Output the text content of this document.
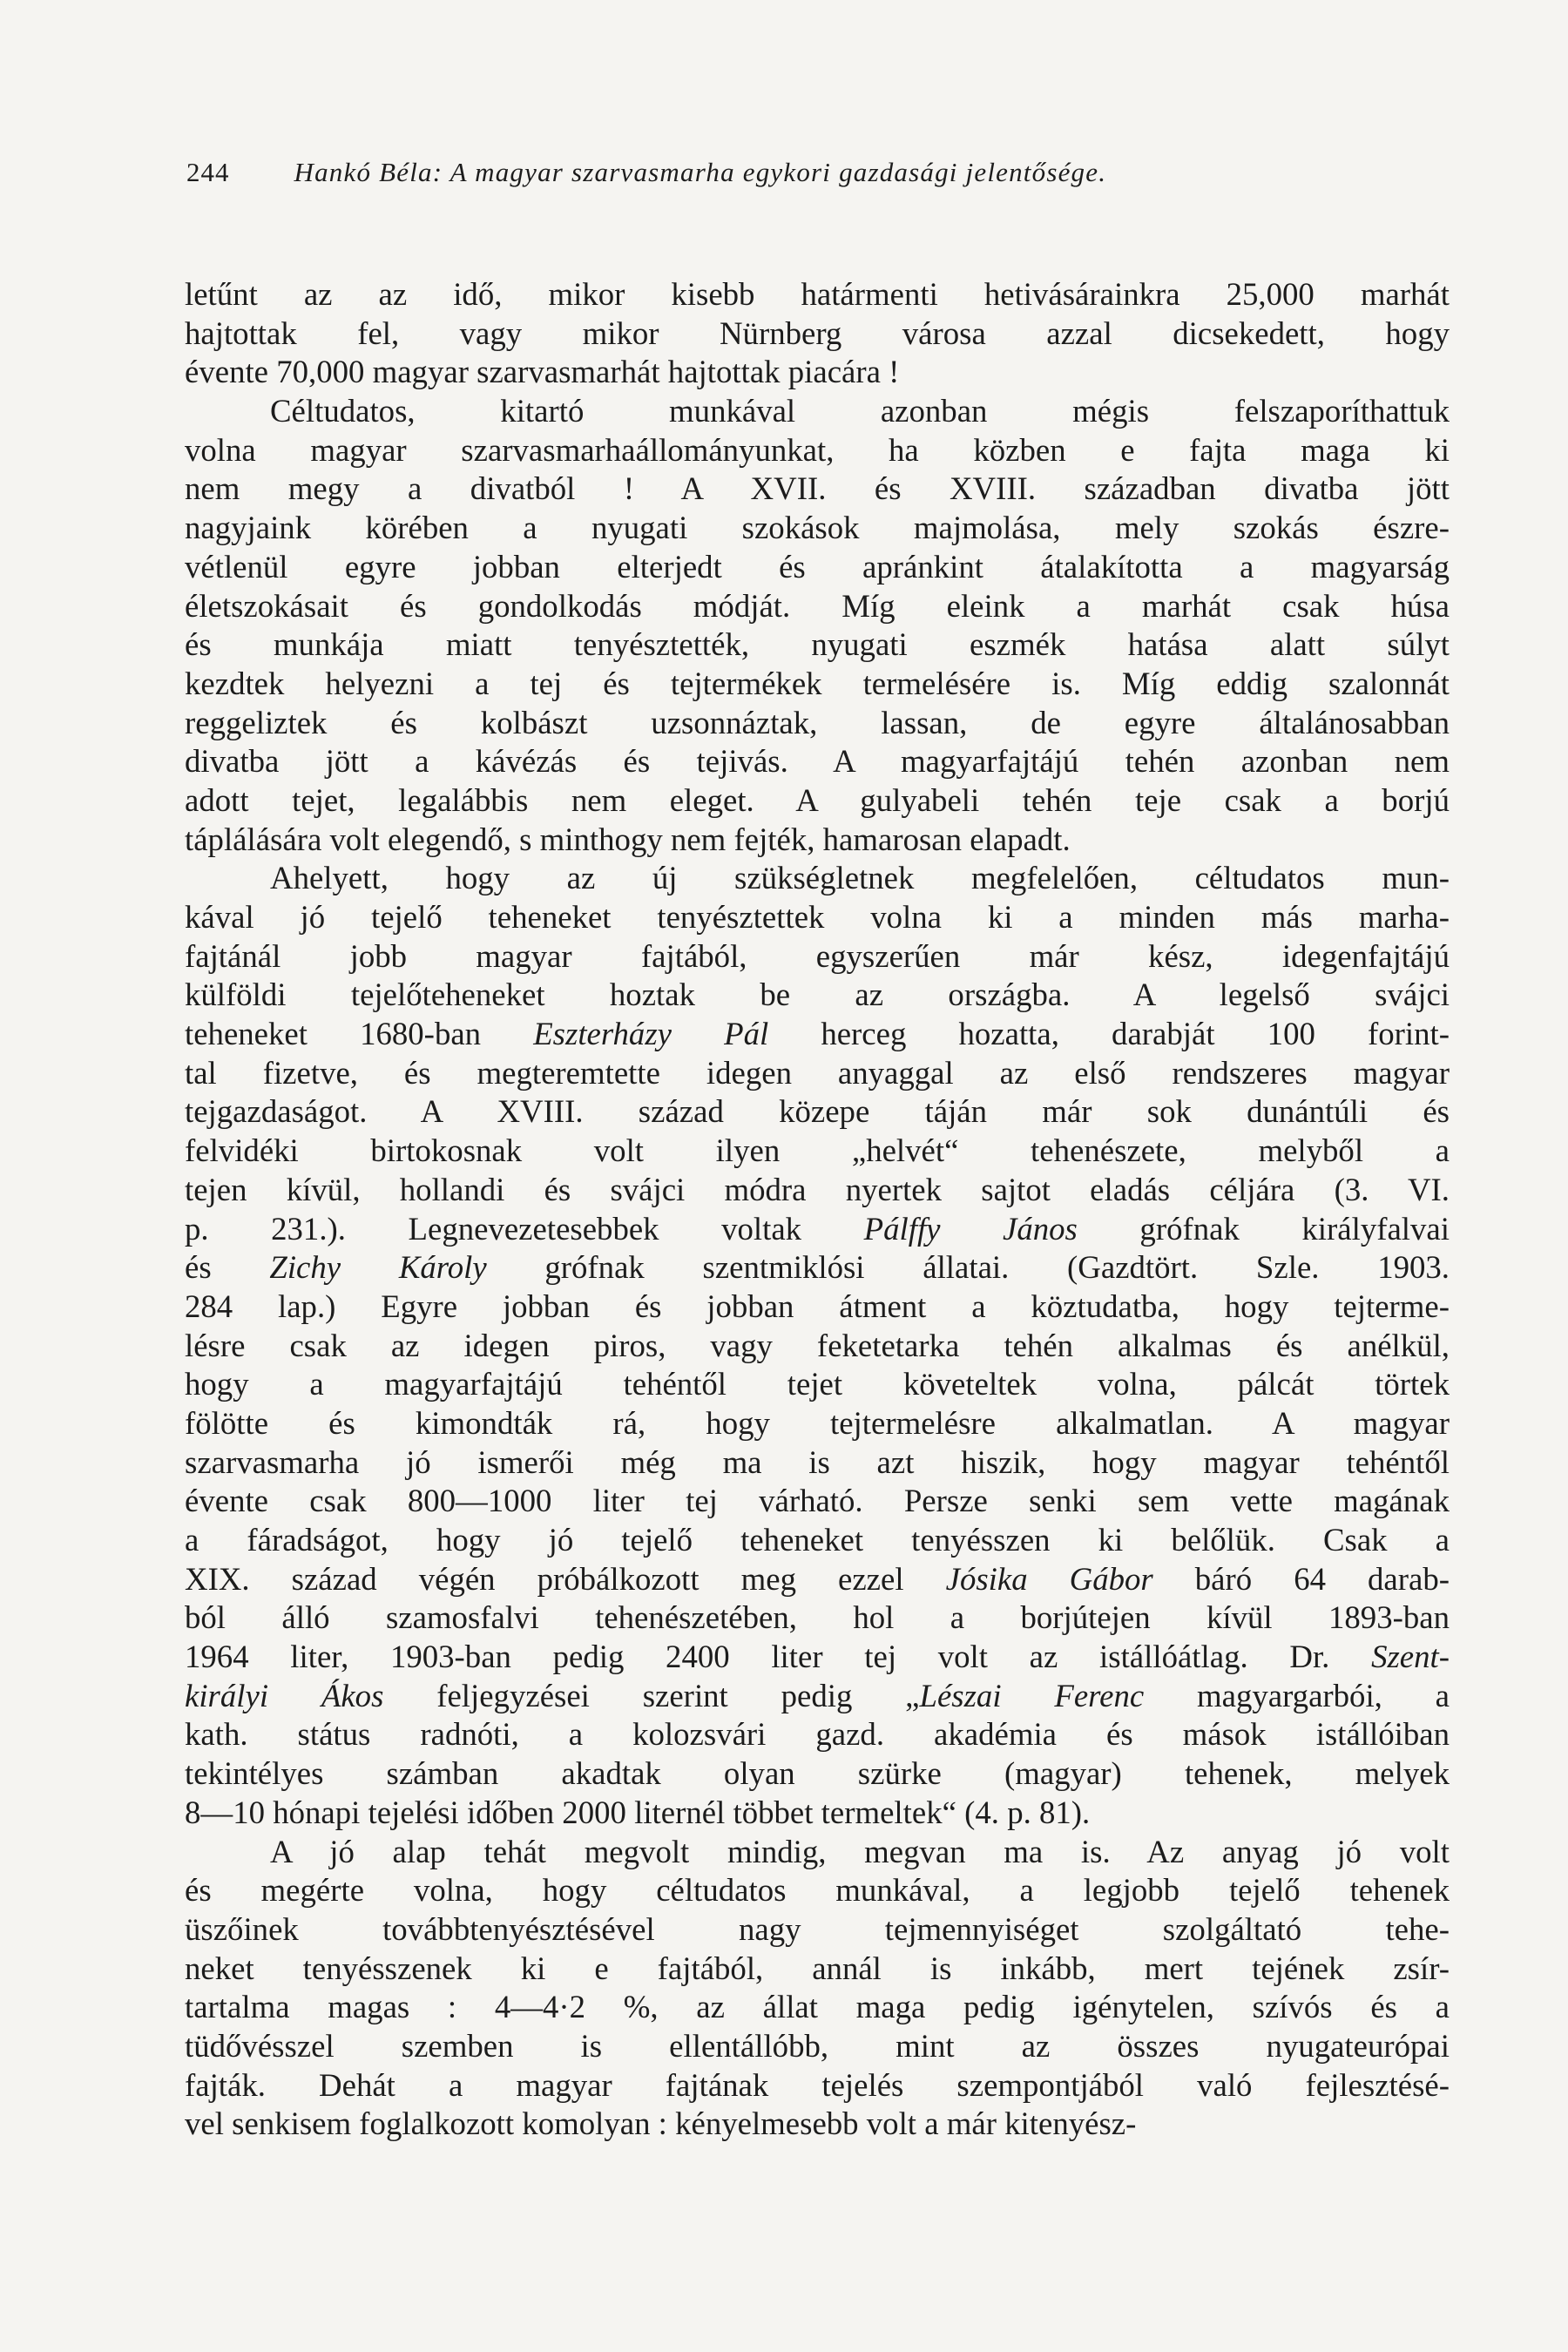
244 Hankó Béla: A magyar szarvasmarha egykori gazdasági jelentősége.
letűnt az az idő, mikor kisebb határmenti hetivásárainkra 25,000 marhát
hajtottak fel, vagy mikor Nürnberg városa azzal dicsekedett, hogy
évente 70,000 magyar szarvasmarhát hajtottak piacára !
Céltudatos, kitartó munkával azonban mégis felszaporíthattuk
volna magyar szarvasmarhaállományunkat, ha közben e fajta maga ki
nem megy a divatból ! A XVII. és XVIII. században divatba jött
nagyjaink körében a nyugati szokások majmolása, mely szokás észre-
vétlenül egyre jobban elterjedt és apránkint átalakította a magyarság
életszokásait és gondolkodás módját. Míg eleink a marhát csak húsa
és munkája miatt tenyésztették, nyugati eszmék hatása alatt súlyt
kezdtek helyezni a tej és tejtermékek termelésére is. Míg eddig szalonnát
reggeliztek és kolbászt uzsonnáztak, lassan, de egyre általánosabban
divatba jött a kávézás és tejivás. A magyarfajtájú tehén azonban nem
adott tejet, legalábbis nem eleget. A gulyabeli tehén teje csak a borjú
táplálására volt elegendő, s minthogy nem fejték, hamarosan elapadt.
Ahelyett, hogy az új szükségletnek megfelelően, céltudatos mun-
kával jó tejelő teheneket tenyésztettek volna ki a minden más marha-
fajtánál jobb magyar fajtából, egyszerűen már kész, idegenfajtájú
külföldi tejelőteheneket hoztak be az országba. A legelső svájci
teheneket 1680-ban Eszterházy Pál herceg hozatta, darabját 100 forint-
tal fizetve, és megteremtette idegen anyaggal az első rendszeres magyar
tejgazdaságot. A XVIII. század közepe táján már sok dunántúli és
felvidéki birtokosnak volt ilyen „helvét“ tehenészete, melyből a
tejen kívül, hollandi és svájci módra nyertek sajtot eladás céljára (3. VI.
p. 231.). Legnevezetesebbek voltak Pálffy János grófnak királyfalvai
és Zichy Károly grófnak szentmiklósi állatai. (Gazdtört. Szle. 1903.
284 lap.) Egyre jobban és jobban átment a köztudatba, hogy tejterme-
lésre csak az idegen piros, vagy feketetarka tehén alkalmas és anélkül,
hogy a magyarfajtájú tehéntől tejet követeltek volna, pálcát törtek
fölötte és kimondták rá, hogy tejtermelésre alkalmatlan. A magyar
szarvasmarha jó ismerői még ma is azt hiszik, hogy magyar tehéntől
évente csak 800—1000 liter tej várható. Persze senki sem vette magának
a fáradságot, hogy jó tejelő teheneket tenyésszen ki belőlük. Csak a
XIX. század végén próbálkozott meg ezzel Jósika Gábor báró 64 darab-
ból álló szamosfalvi tehenészetében, hol a borjútejen kívül 1893-ban
1964 liter, 1903-ban pedig 2400 liter tej volt az istállóátlag. Dr. Szent-
királyi Ákos feljegyzései szerint pedig „Lészai Ferenc magyargarbói, a
kath. státus radnóti, a kolozsvári gazd. akadémia és mások istállóiban
tekintélyes számban akadtak olyan szürke (magyar) tehenek, melyek
8—10 hónapi tejelési időben 2000 liternél többet termeltek“ (4. p. 81).
A jó alap tehát megvolt mindig, megvan ma is. Az anyag jó volt
és megérte volna, hogy céltudatos munkával, a legjobb tejelő tehenek
üszőinek továbbtenyésztésével nagy tejmennyiséget szolgáltató tehe-
neket tenyésszenek ki e fajtából, annál is inkább, mert tejének zsír-
tartalma magas : 4—4·2 %, az állat maga pedig igénytelen, szívós és a
tüdővésszel szemben is ellentállóbb, mint az összes nyugateurópai
fajták. Dehát a magyar fajtának tejelés szempontjából való fejlesztésé-
vel senkisem foglalkozott komolyan : kényelmesebb volt a már kitenyész-
